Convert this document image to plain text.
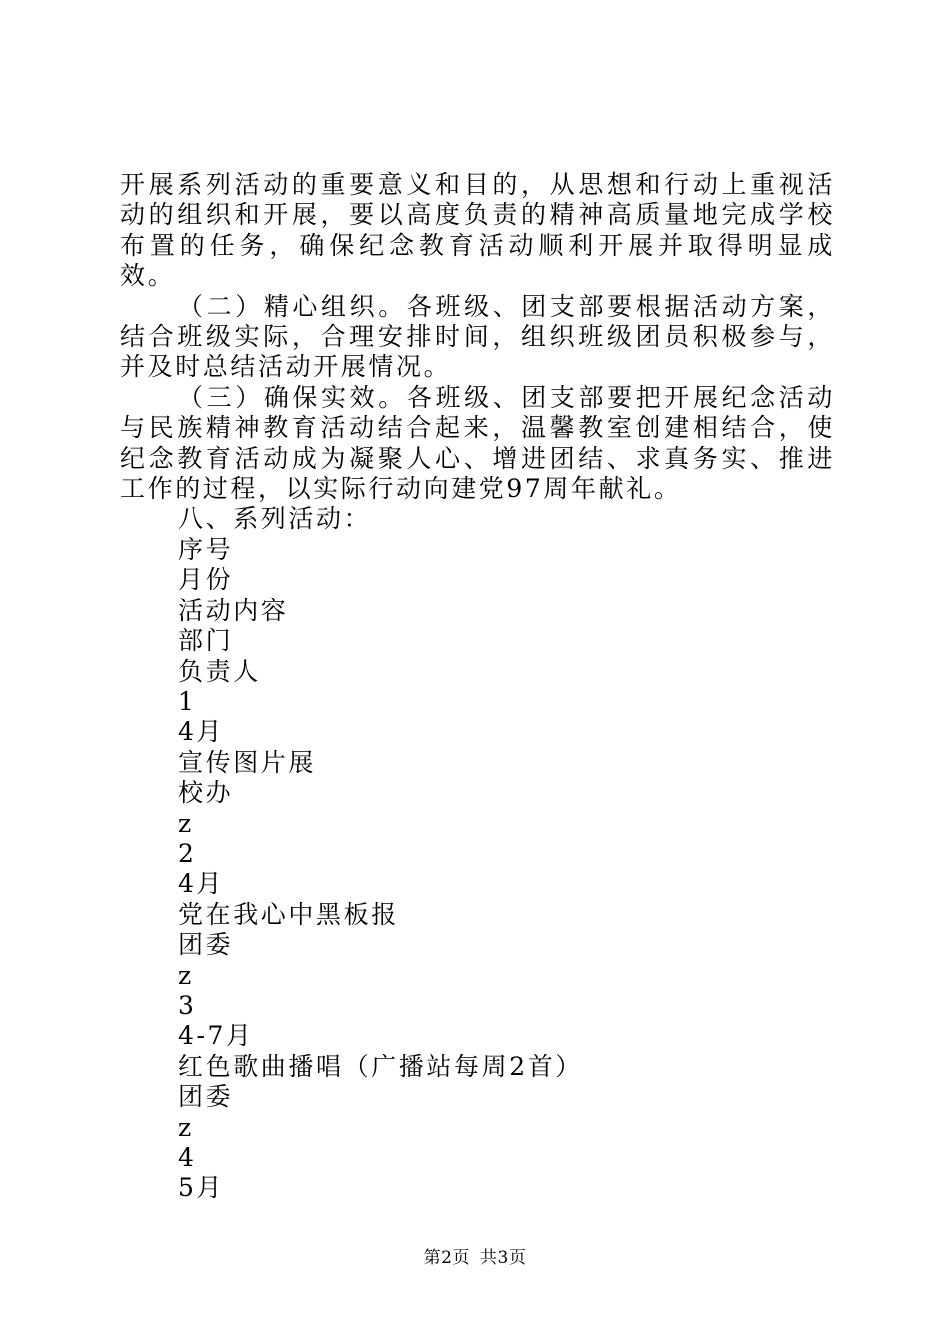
开展系列活动的重要意义和目的，从思想和行动上重视活动的组织和开展，要以高度负责的精神高质量地完成学校布置的任务，确保纪念教育活动顺利开展并取得明显成效。

（二）精心组织。各班级、团支部要根据活动方案，结合班级实际，合理安排时间，组织班级团员积极参与，并及时总结活动开展情况。

（三）确保实效。各班级、团支部要把开展纪念活动与民族精神教育活动结合起来，温馨教室创建相结合，使纪念教育活动成为凝聚人心、增进团结、求真务实、推进工作的过程，以实际行动向建党97周年献礼。

八、系列活动：

序号

月份

活动内容

部门

负责人

1

4月

宣传图片展

校办

z

2

4月

党在我心中黑板报

团委

z

3

4-7月

红色歌曲播唱（广播站每周2首）

团委

z

4

5月

第2页 共3页
